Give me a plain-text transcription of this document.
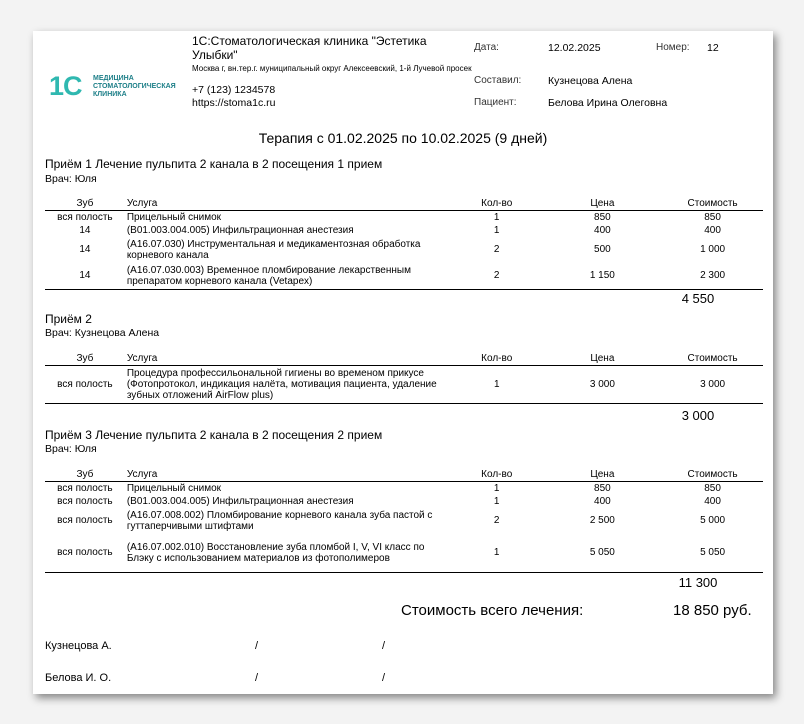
1С МЕДИЦИНА
СТОМАТОЛОГИЧЕСКАЯ
КЛИНИКА
1С:Стоматологическая клиника "Эстетика Улыбки"
Москва г, вн.тер.г. муниципальный округ Алексеевский, 1-й Лучевой просек
+7 (123) 1234578
https://stoma1c.ru
Дата:	12.02.2025	Номер: 12
Составил:	Кузнецова Алена
Пациент:	Белова Ирина Олеговна
Терапия с 01.02.2025 по 10.02.2025 (9 дней)
Приём 1 Лечение пульпита 2 канала в 2 посещения 1 прием
Врач: Юля
Зуб	Услуга	Кол-во	Цена	Стоимость
вся полость	Прицельный снимок	1	850	850
14	(B01.003.004.005) Инфильтрационная анестезия	1	400	400
14	(A16.07.030) Инструментальная и медикаментозная обработка корневого канала	2	500	1 000
14	(A16.07.030.003) Временное пломбирование лекарственным препаратом корневого канала (Vetapex)	2	1 150	2 300
4 550
Приём 2
Врач: Кузнецова Алена
Зуб	Услуга	Кол-во	Цена	Стоимость
вся полость	Процедура профессильональной гигиены во временом прикусе (Фотопротокол, индикация налёта, мотивация пациента, удаление зубных отложений AirFlow plus)	1	3 000	3 000
3 000
Приём 3 Лечение пульпита 2 канала в 2 посещения 2 прием
Врач: Юля
Зуб	Услуга	Кол-во	Цена	Стоимость
вся полость	Прицельный снимок	1	850	850
вся полость	(B01.003.004.005) Инфильтрационная анестезия	1	400	400
вся полость	(A16.07.008.002) Пломбирование корневого канала зуба пастой с гуттаперчивыми штифтами	2	2 500	5 000
вся полость	(A16.07.002.010) Восстановление зуба пломбой I, V, VI класс по Блэку с использованием материалов из фотополимеров	1	5 050	5 050
11 300
Стоимость всего лечения:	18 850 руб.
Кузнецова А.	/	/
Белова И. О.	/	/
